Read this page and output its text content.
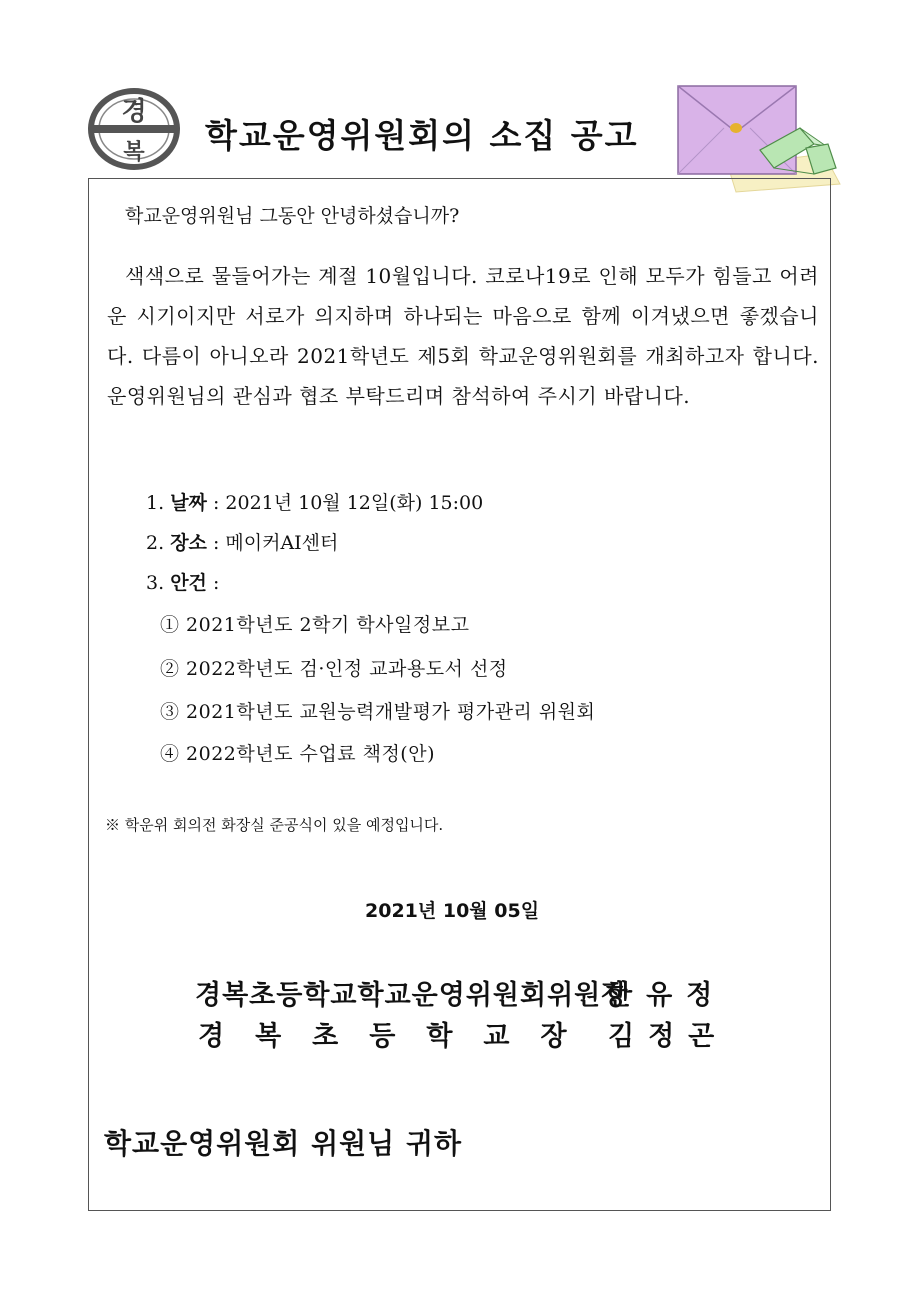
경
복 학교운영위원회의 소집 공고
학교운영위원님 그동안 안녕하셨습니까?
색색으로 물들어가는 계절 10월입니다. 코로나19로 인해 모두가 힘들고 어려운 시기이지만 서로가 의지하며 하나되는 마음으로 함께 이겨냈으면 좋겠습니다. 다름이 아니오라 2021학년도 제5회 학교운영위원회를 개최하고자 합니다. 운영위원님의 관심과 협조 부탁드리며 참석하여 주시기 바랍니다.
1. 날짜 : 2021년 10월 12일(화) 15:00
2. 장소 : 메이커AI센터
3. 안건 :
① 2021학년도 2학기 학사일정보고
② 2022학년도 검·인정 교과용도서 선정
③ 2021학년도 교원능력개발평가 평가관리 위원회
④ 2022학년도 수업료 책정(안)
※ 학운위 회의전 화장실 준공식이 있을 예정입니다.
2021년 10월 05일
경복초등학교학교운영위원회위원장
한유정
경복초등학교장 김정곤
학교운영위원회 위원님 귀하
